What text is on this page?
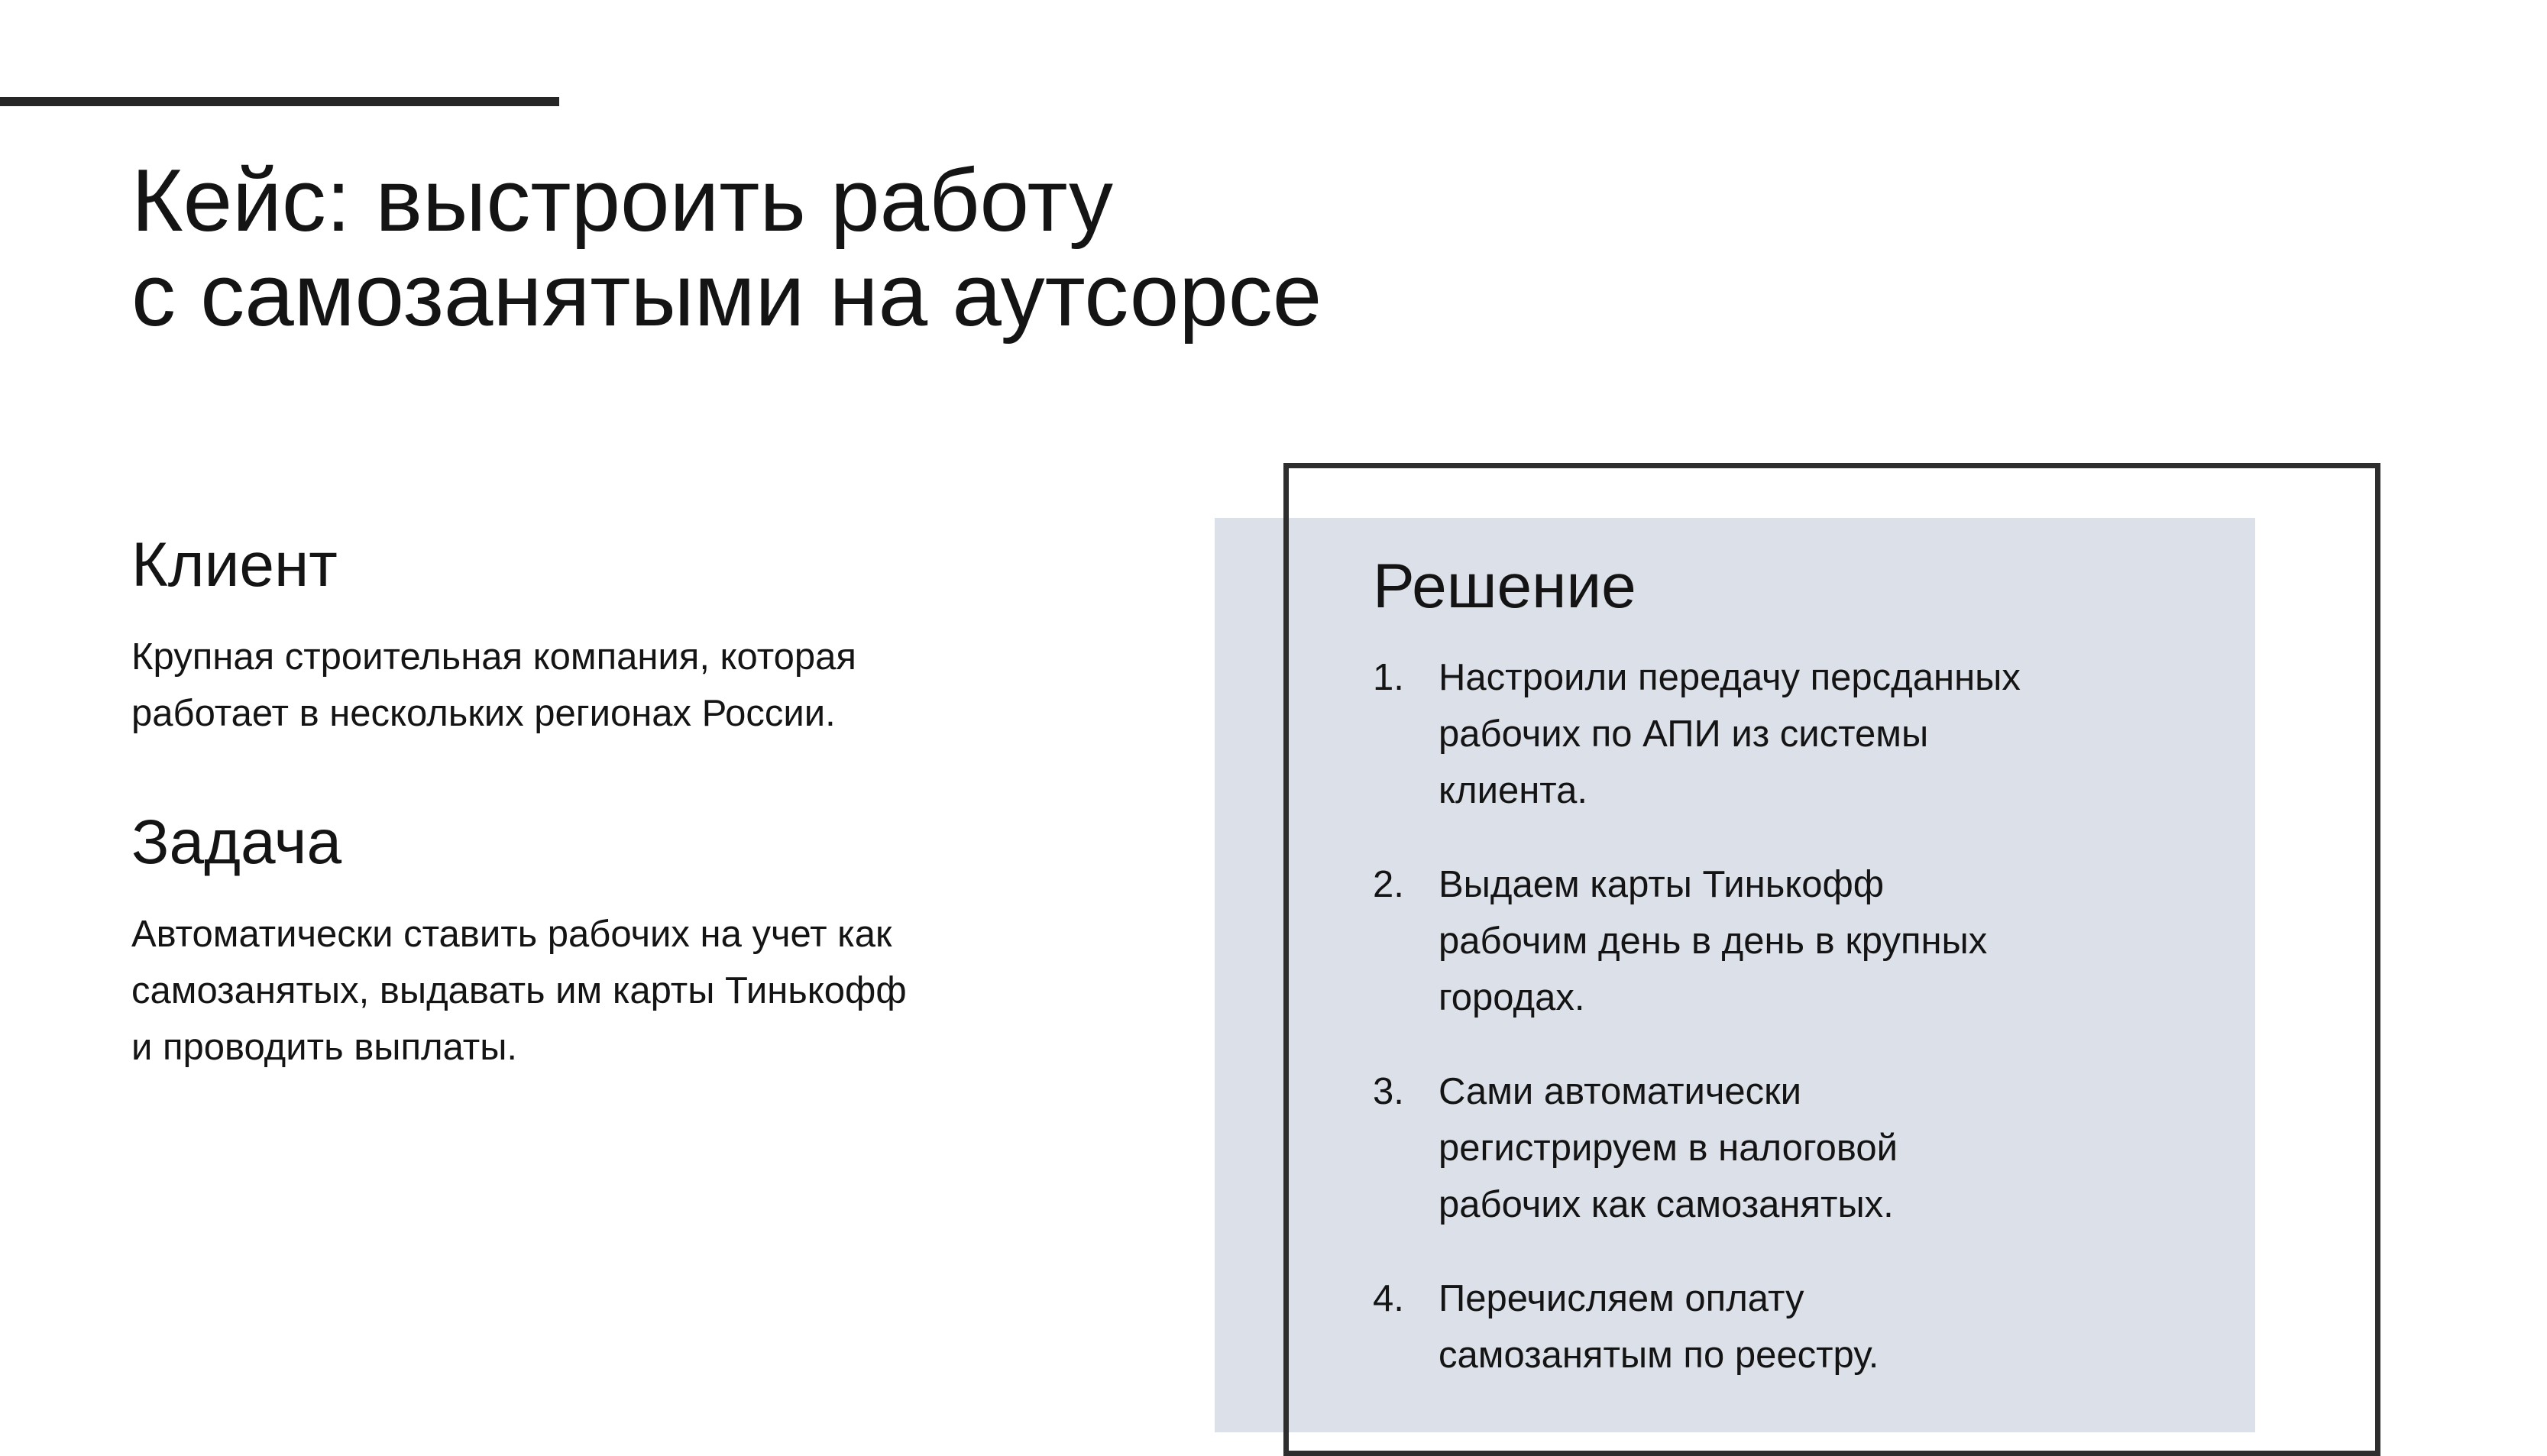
Кейс: выстроить работу
с самозанятыми на аутсорсе
Клиент

Крупная строительная компания, которая
работает в нескольких регионах России.

Задача

Автоматически ставить рабочих на учет как
самозанятых, выдавать им карты Тинькофф
и проводить выплаты.

Решение
1. Настроили передачу персданных
рабочих по АПИ из системы
клиента.
2. Выдаем карты Тинькофф
рабочим день в день в крупных
городах.
3. Сами автоматически
регистрируем в налоговой
рабочих как самозанятых.
4. Перечисляем оплату
самозанятым по реестру.
